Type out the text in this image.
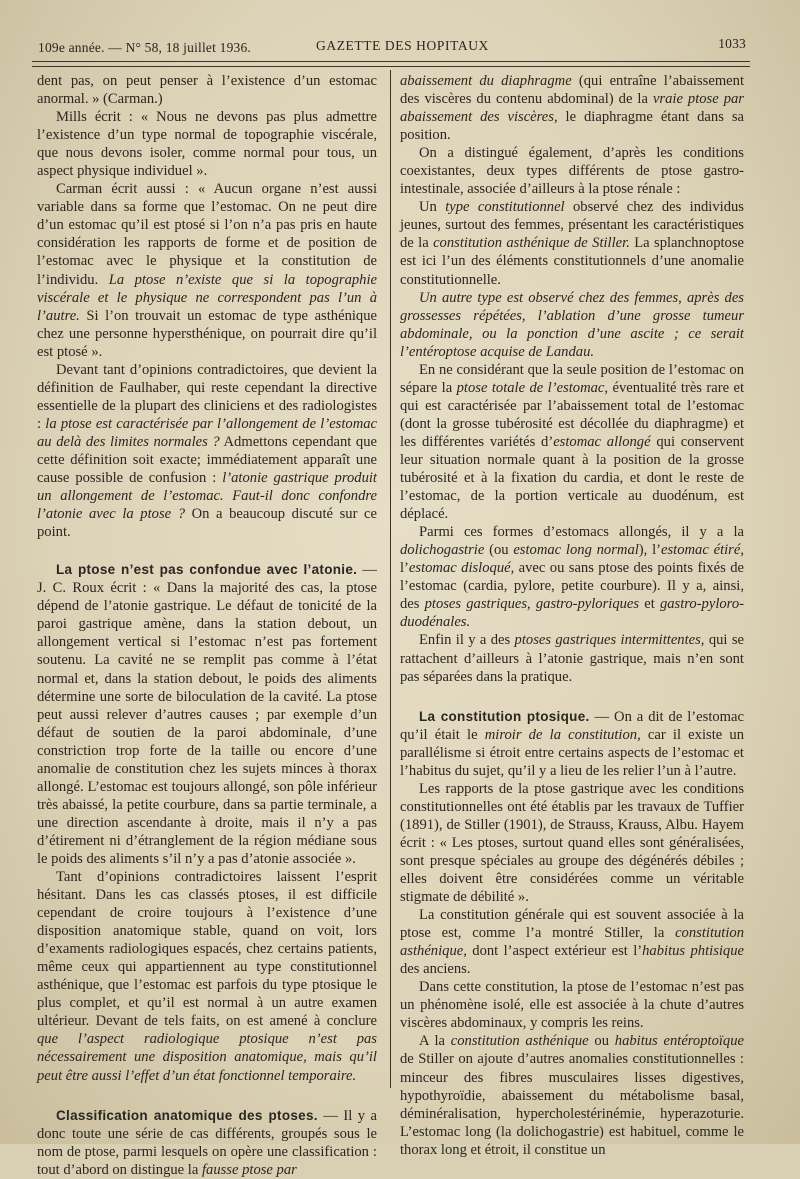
109e année. — N° 58, 18 juillet 1936.	GAZETTE DES HOPITAUX	1033

dent pas, on peut penser à l’existence d’un estomac anormal. » (Carman.)

Mills écrit : « Nous ne devons pas plus admettre l’existence d’un type normal de topographie viscérale, que nous devons isoler, comme normal pour tous, un aspect physique individuel ».

Carman écrit aussi : « Aucun organe n’est aussi variable dans sa forme que l’estomac. On ne peut dire d’un estomac qu’il est ptosé si l’on n’a pas pris en haute considération les rapports de forme et de position de l’estomac avec le physique et la constitution de l’individu. La ptose n’existe que si la topographie viscérale et le physique ne correspondent pas l’un à l’autre. Si l’on trouvait un estomac de type asthénique chez une personne hypersthénique, on pourrait dire qu’il est ptosé ».

Devant tant d’opinions contradictoires, que devient la définition de Faulhaber, qui reste cependant la directive essentielle de la plupart des cliniciens et des radiologistes : la ptose est caractérisée par l’allongement de l’estomac au delà des limites normales ? Admettons cependant que cette définition soit exacte; immédiatement apparaît une cause possible de confusion : l’atonie gastrique produit un allongement de l’estomac. Faut-il donc confondre l’atonie avec la ptose ? On a beaucoup discuté sur ce point.

La ptose n’est pas confondue avec l’atonie. — J. C. Roux écrit : « Dans la majorité des cas, la ptose dépend de l’atonie gastrique. Le défaut de tonicité de la paroi gastrique amène, dans la station debout, un allongement vertical si l’estomac n’est pas fortement soutenu. La cavité ne se remplit pas comme à l’état normal et, dans la station debout, le poids des aliments détermine une sorte de biloculation de la cavité. La ptose peut aussi relever d’autres causes ; par exemple d’un défaut de soutien de la paroi abdominale, d’une constriction trop forte de la taille ou encore d’une anomalie de constitution chez les sujets minces à thorax allongé. L’estomac est toujours allongé, son pôle inférieur très abaissé, la petite courbure, dans sa partie terminale, a une direction ascendante à droite, mais il n’y a pas d’étirement ni d’étranglement de la région médiane sous le poids des aliments s’il n’y a pas d’atonie associée ».

Tant d’opinions contradictoires laissent l’esprit hésitant. Dans les cas classés ptoses, il est difficile cependant de croire toujours à l’existence d’une disposition anatomique stable, quand on voit, lors d’examents radiologiques espacés, chez certains patients, même ceux qui appartiennent au type constitutionnel asthénique, que l’estomac est parfois du type ptosique le plus complet, et qu’il est normal à un autre examen ultérieur. Devant de tels faits, on est amené à conclure que l’aspect radiologique ptosique n’est pas nécessairement une disposition anatomique, mais qu’il peut être aussi l’effet d’un état fonctionnel temporaire.

Classification anatomique des ptoses. — Il y a donc toute une série de cas différents, groupés sous le nom de ptose, parmi lesquels on opère une classification : tout d’abord on distingue la fausse ptose par

abaissement du diaphragme (qui entraîne l’abaissement des viscères du contenu abdominal) de la vraie ptose par abaissement des viscères, le diaphragme étant dans sa position.

On a distingué également, d’après les conditions coexistantes, deux types différents de ptose gastro-intestinale, associée d’ailleurs à la ptose rénale :

Un type constitutionnel observé chez des individus jeunes, surtout des femmes, présentant les caractéristiques de la constitution asthénique de Stiller. La splanchnoptose est ici l’un des éléments constitutionnels d’une anomalie constitutionnelle.

Un autre type est observé chez des femmes, après des grossesses répétées, l’ablation d’une grosse tumeur abdominale, ou la ponction d’une ascite ; ce serait l’entéroptose acquise de Landau.

En ne considérant que la seule position de l’estomac on sépare la ptose totale de l’estomac, éventualité très rare et qui est caractérisée par l’abaissement total de l’estomac (dont la grosse tubérosité est décollée du diaphragme) et les différentes variétés d’estomac allongé qui conservent leur situation normale quant à la position de la grosse tubérosité et à la fixation du cardia, et dont le reste de l’estomac, de la portion verticale au duodénum, est déplacé.

Parmi ces formes d’estomacs allongés, il y a la dolichogastrie (ou estomac long normal), l’estomac étiré, l’estomac disloqué, avec ou sans ptose des points fixés de l’estomac (cardia, pylore, petite courbure). Il y a, ainsi, des ptoses gastriques, gastro-pyloriques et gastro-pyloro-duodénales.

Enfin il y a des ptoses gastriques intermittentes, qui se rattachent d’ailleurs à l’atonie gastrique, mais n’en sont pas séparées dans la pratique.

La constitution ptosique. — On a dit de l’estomac qu’il était le miroir de la constitution, car il existe un parallélisme si étroit entre certains aspects de l’estomac et l’habitus du sujet, qu’il y a lieu de les relier l’un à l’autre.

Les rapports de la ptose gastrique avec les conditions constitutionnelles ont été établis par les travaux de Tuffier (1891), de Stiller (1901), de Strauss, Krauss, Albu. Hayem écrit : « Les ptoses, surtout quand elles sont généralisées, sont presque spéciales au groupe des dégénérés débiles ; elles doivent être considérées comme un véritable stigmate de débilité ».

La constitution générale qui est souvent associée à la ptose est, comme l’a montré Stiller, la constitution asthénique, dont l’aspect extérieur est l’habitus phtisique des anciens.

Dans cette constitution, la ptose de l’estomac n’est pas un phénomène isolé, elle est associée à la chute d’autres viscères abdominaux, y compris les reins.

A la constitution asthénique ou habitus entéroptoïque de Stiller on ajoute d’autres anomalies constitutionnelles : minceur des fibres musculaires lisses digestives, hypothyroïdie, abaissement du métabolisme basal, déminéralisation, hypercholestérinémie, hyperazoturie. L’estomac long (la dolichogastrie) est habituel, comme le thorax long et étroit, il constitue un
